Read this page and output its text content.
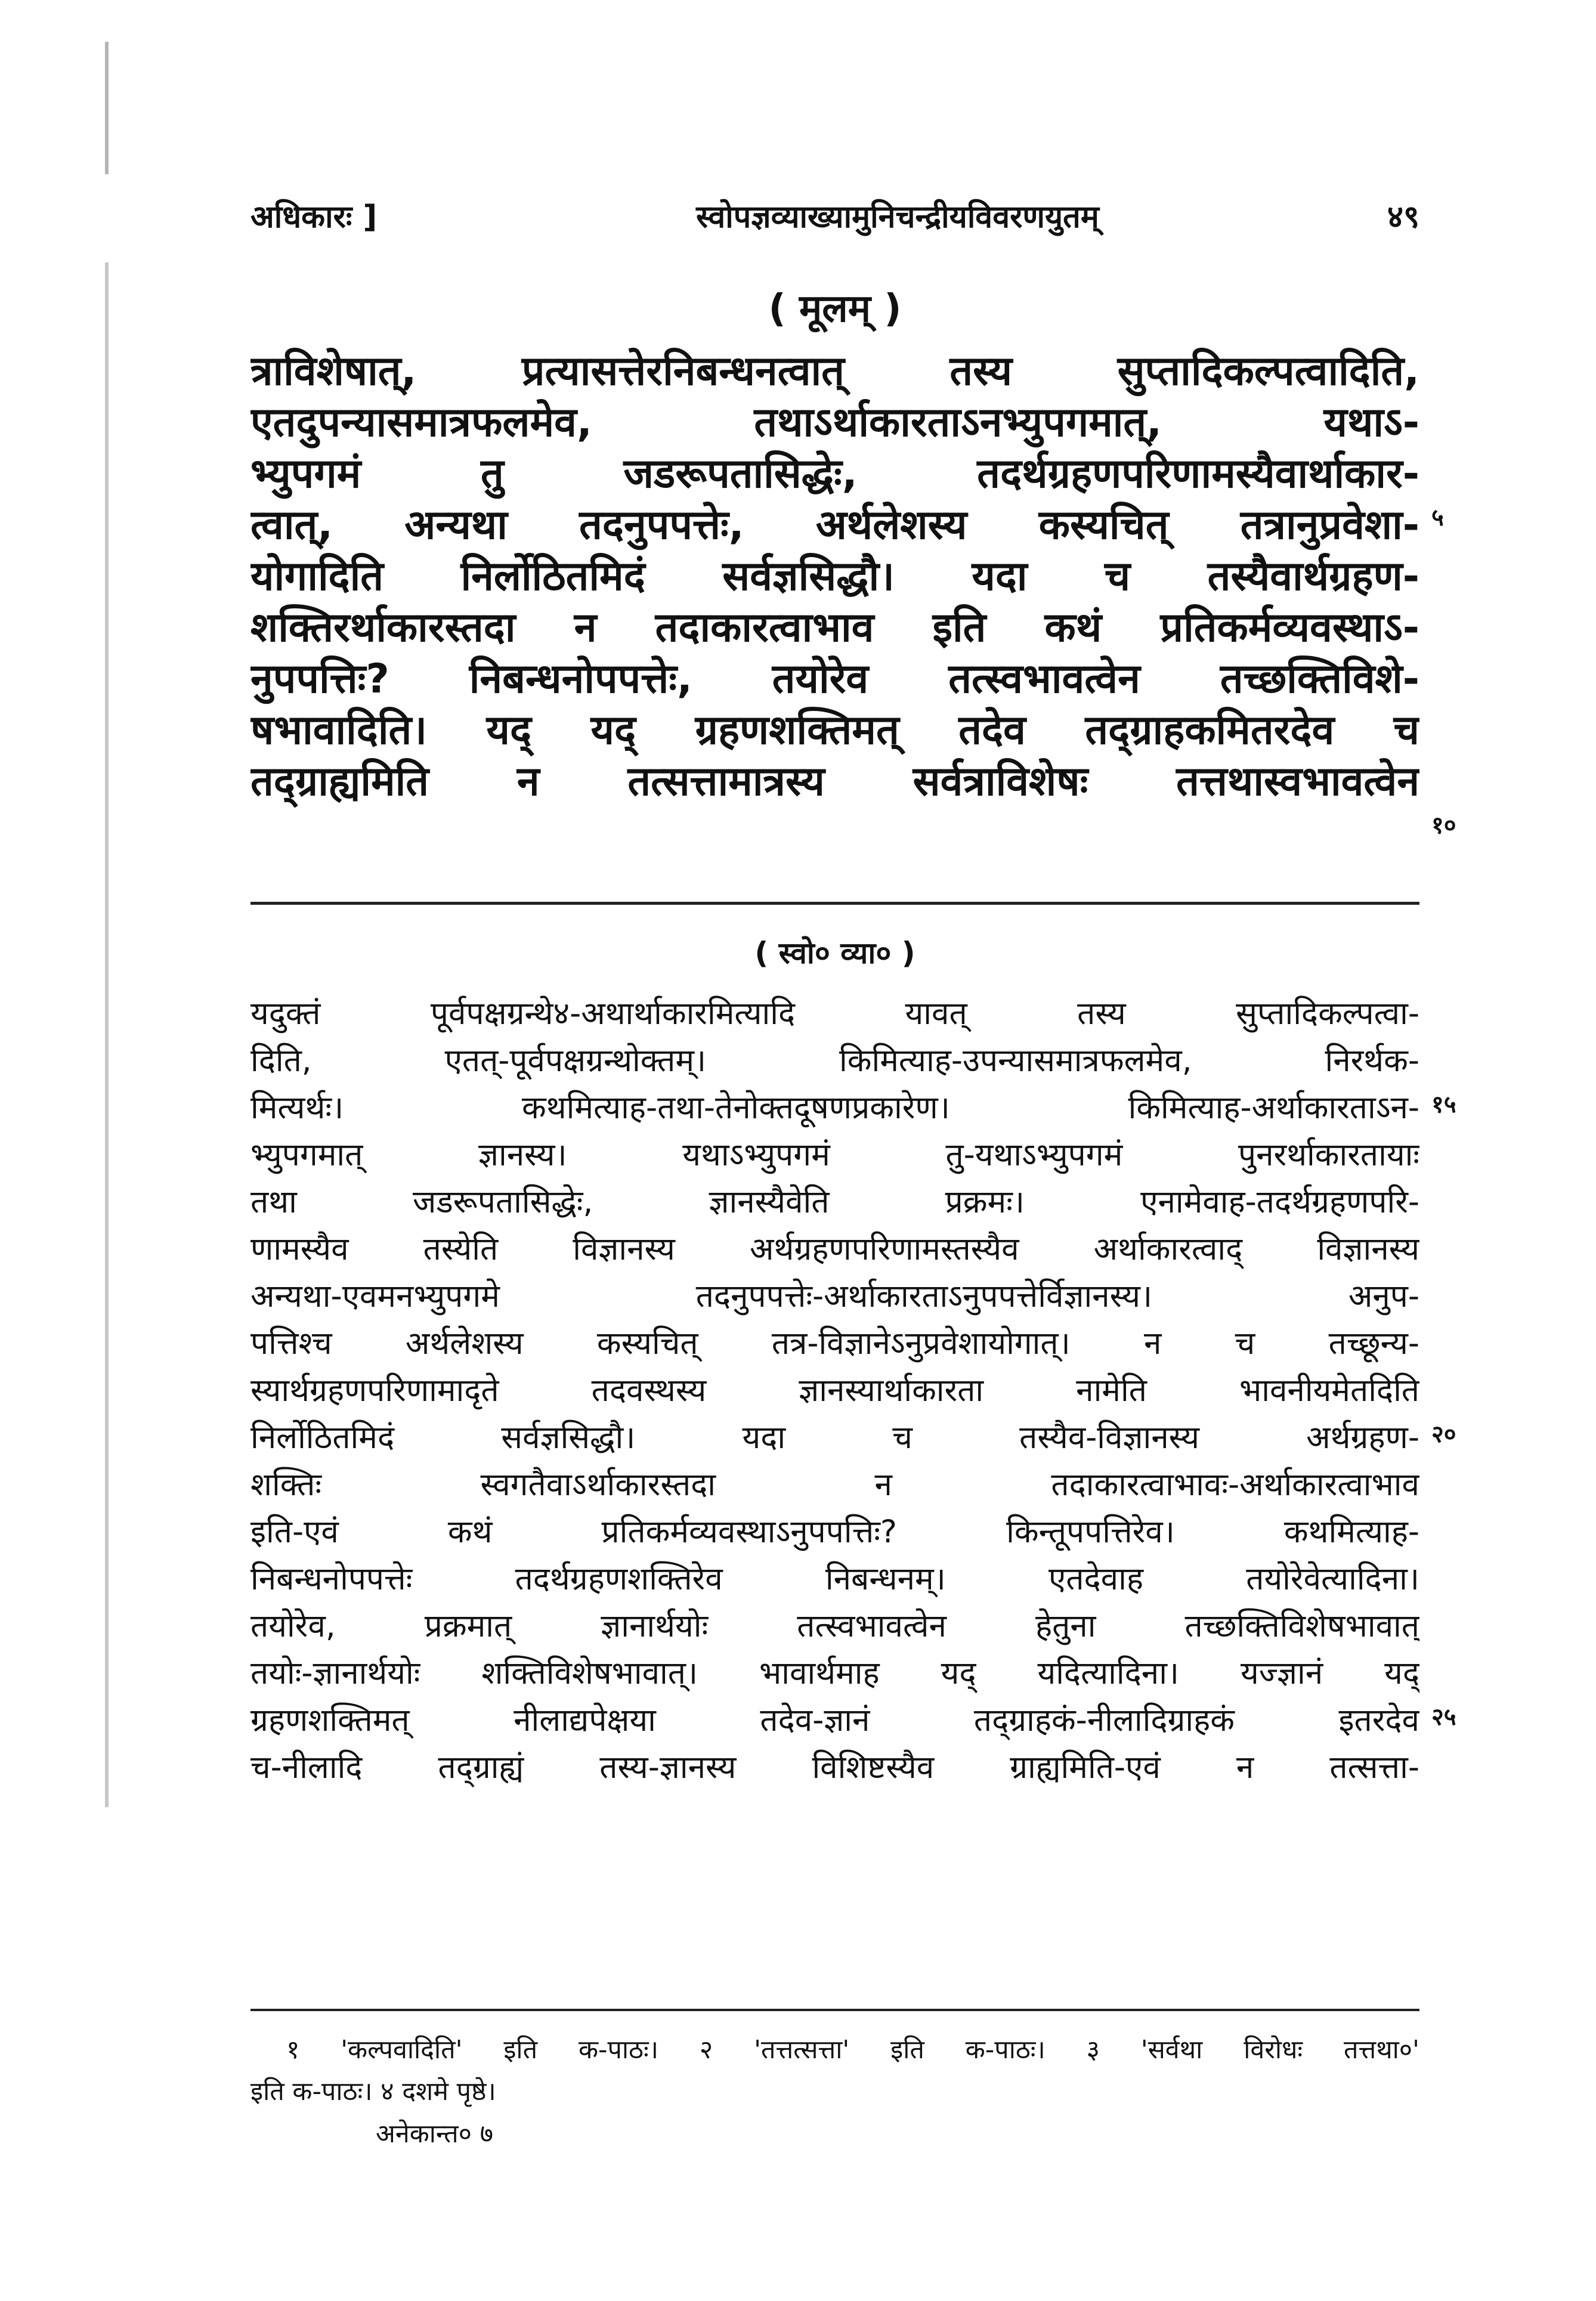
अधिकारः ]	स्वोपज्ञव्याख्यामुनिचन्द्रीयविवरणयुतम्	४९
( मूलम् )
त्राविशेषात्, प्रत्यासत्तेरनिबन्धनत्वात् तस्य सुप्तादिकल्पत्वादिति,
एतदुपन्यासमात्रफलमेव, तथाऽर्थाकारताऽनभ्युपगमात्, यथाऽ-
भ्युपगमं तु जडरूपतासिद्धेः, तदर्थग्रहणपरिणामस्यैवार्थाकार-
त्वात्, अन्यथा तदनुपपत्तेः, अर्थलेशस्य कस्यचित् तत्रानुप्रवेशा-
योगादिति निर्लोठितमिदं सर्वज्ञसिद्धौ। यदा च तस्यैवार्थग्रहण-
शक्तिरर्थाकारस्तदा न तदाकारत्वाभाव इति कथं प्रतिकर्मव्यवस्थाऽ-
नुपपत्तिः? निबन्धनोपपत्तेः, तयोरेव तत्स्वभावत्वेन तच्छक्तिविशे-
षभावादिति। यद् यद् ग्रहणशक्तिमत् तदेव तद्ग्राहकमितरदेव च
तद्ग्राह्यमिति न तत्सत्तामात्रस्य सर्वत्राविशेषः तत्तथास्वभावत्वेन
५
१०
( स्वो० व्या० )
यदुक्तं पूर्वपक्षग्रन्थे४-अथार्थाकारमित्यादि यावत् तस्य सुप्तादिकल्पत्वा-
दिति, एतत्-पूर्वपक्षग्रन्थोक्तम्। किमित्याह-उपन्यासमात्रफलमेव, निरर्थक-
मित्यर्थः। कथमित्याह-तथा-तेनोक्तदूषणप्रकारेण। किमित्याह-अर्थाकारताऽन-
भ्युपगमात् ज्ञानस्य। यथाऽभ्युपगमं तु-यथाऽभ्युपगमं पुनरर्थाकारतायाः
तथा जडरूपतासिद्धेः, ज्ञानस्यैवेति प्रक्रमः। एनामेवाह-तदर्थग्रहणपरि-
णामस्यैव तस्येति विज्ञानस्य अर्थग्रहणपरिणामस्तस्यैव अर्थाकारत्वाद् विज्ञानस्य
अन्यथा-एवमनभ्युपगमे तदनुपपत्तेः-अर्थाकारताऽनुपपत्तेर्विज्ञानस्य। अनुप-
पत्तिश्च अर्थलेशस्य कस्यचित् तत्र-विज्ञानेऽनुप्रवेशायोगात्। न च तच्छून्य-
स्यार्थग्रहणपरिणामादृते तदवस्थस्य ज्ञानस्यार्थाकारता नामेति भावनीयमेतदिति
निर्लोठितमिदं सर्वज्ञसिद्धौ। यदा च तस्यैव-विज्ञानस्य अर्थग्रहण-
शक्तिः स्वगतैवाऽर्थाकारस्तदा न तदाकारत्वाभावः-अर्थाकारत्वाभाव
इति-एवं कथं प्रतिकर्मव्यवस्थाऽनुपपत्तिः? किन्तूपपत्तिरेव। कथमित्याह-
निबन्धनोपपत्तेः तदर्थग्रहणशक्तिरेव निबन्धनम्। एतदेवाह तयोरेवेत्यादिना।
तयोरेव, प्रक्रमात् ज्ञानार्थयोः तत्स्वभावत्वेन हेतुना तच्छक्तिविशेषभावात्
तयोः-ज्ञानार्थयोः शक्तिविशेषभावात्। भावार्थमाह यद् यदित्यादिना। यज्ज्ञानं यद्
ग्रहणशक्तिमत् नीलाद्यपेक्षया तदेव-ज्ञानं तद्ग्राहकं-नीलादिग्राहकं इतरदेव
च-नीलादि तद्ग्राह्यं तस्य-ज्ञानस्य विशिष्टस्यैव ग्राह्यमिति-एवं न तत्सत्ता-
१५
२०
२५
१ 'कल्पवादिति' इति क-पाठः। २ 'तत्तत्सत्ता' इति क-पाठः। ३ 'सर्वथा विरोधः तत्तथा०'
इति क-पाठः। ४ दशमे पृष्ठे।
अनेकान्त० ७
